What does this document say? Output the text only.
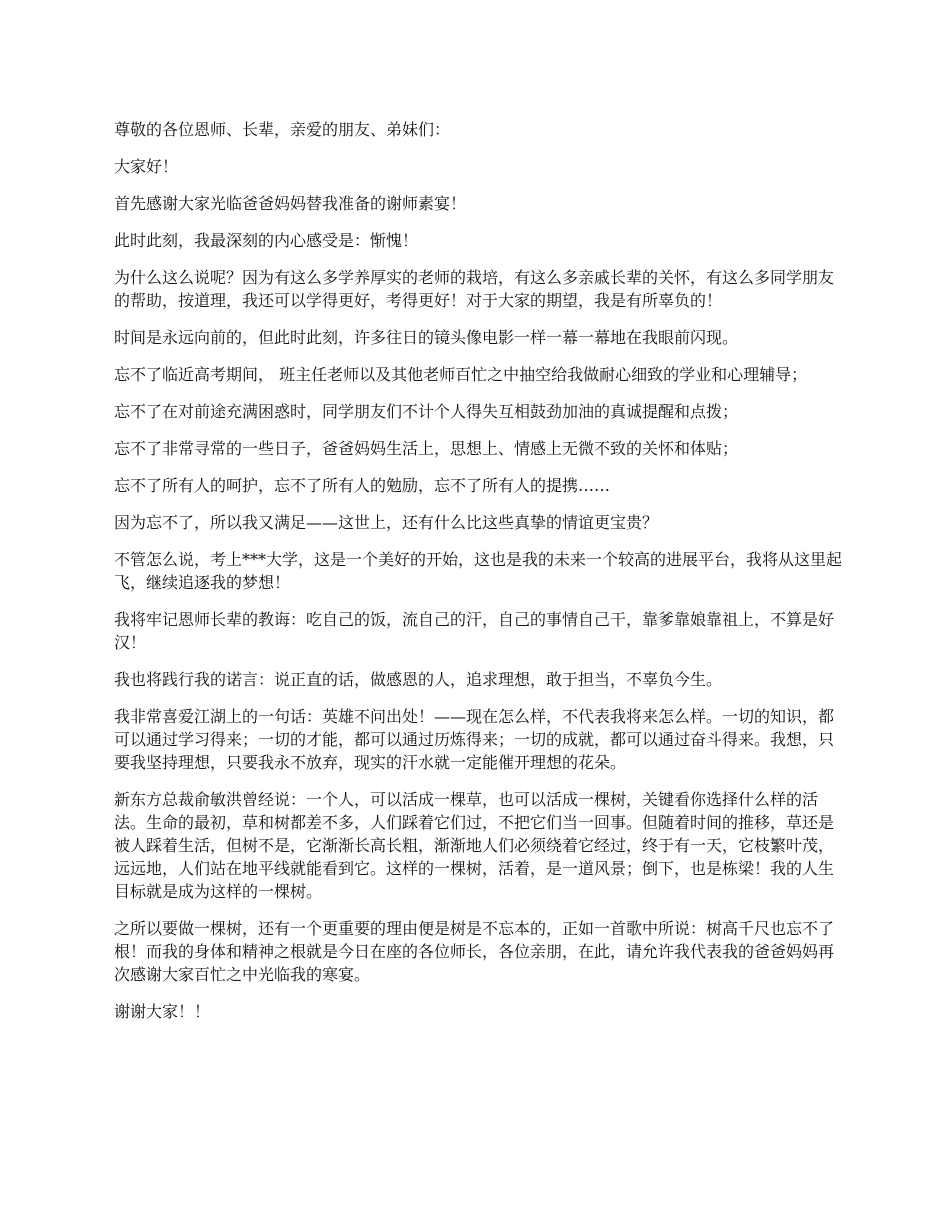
尊敬的各位恩师、长辈，亲爱的朋友、弟妹们：

大家好！

首先感谢大家光临爸爸妈妈替我准备的谢师素宴！

此时此刻，我最深刻的内心感受是：惭愧！

为什么这么说呢？因为有这么多学养厚实的老师的栽培，有这么多亲戚长辈的关怀，有这么多同学朋友的帮助，按道理，我还可以学得更好，考得更好！对于大家的期望，我是有所辜负的！

时间是永远向前的，但此时此刻，许多往日的镜头像电影一样一幕一幕地在我眼前闪现。

忘不了临近高考期间， 班主任老师以及其他老师百忙之中抽空给我做耐心细致的学业和心理辅导；

忘不了在对前途充满困惑时，同学朋友们不计个人得失互相鼓劲加油的真诚提醒和点拨；

忘不了非常寻常的一些日子，爸爸妈妈生活上，思想上、情感上无微不致的关怀和体贴；

忘不了所有人的呵护，忘不了所有人的勉励，忘不了所有人的提携……

因为忘不了，所以我又满足——这世上，还有什么比这些真挚的情谊更宝贵？

不管怎么说，考上***大学，这是一个美好的开始，这也是我的未来一个较高的进展平台，我将从这里起飞，继续追逐我的梦想！

我将牢记恩师长辈的教诲：吃自己的饭，流自己的汗，自己的事情自己干，靠爹靠娘靠祖上，不算是好汉！

我也将践行我的诺言：说正直的话，做感恩的人，追求理想，敢于担当，不辜负今生。

我非常喜爱江湖上的一句话：英雄不问出处！——现在怎么样，不代表我将来怎么样。一切的知识，都可以通过学习得来；一切的才能，都可以通过历炼得来；一切的成就，都可以通过奋斗得来。我想，只要我坚持理想，只要我永不放弃，现实的汗水就一定能催开理想的花朵。

新东方总裁俞敏洪曾经说：一个人，可以活成一棵草，也可以活成一棵树，关键看你选择什么样的活法。生命的最初，草和树都差不多，人们踩着它们过，不把它们当一回事。但随着时间的推移，草还是被人踩着生活，但树不是，它渐渐长高长粗，渐渐地人们必须绕着它经过，终于有一天，它枝繁叶茂，远远地，人们站在地平线就能看到它。这样的一棵树，活着，是一道风景；倒下，也是栋梁！我的人生目标就是成为这样的一棵树。

之所以要做一棵树，还有一个更重要的理由便是树是不忘本的，正如一首歌中所说：树高千尺也忘不了根！而我的身体和精神之根就是今日在座的各位师长，各位亲朋，在此，请允许我代表我的爸爸妈妈再次感谢大家百忙之中光临我的寒宴。

谢谢大家！！
